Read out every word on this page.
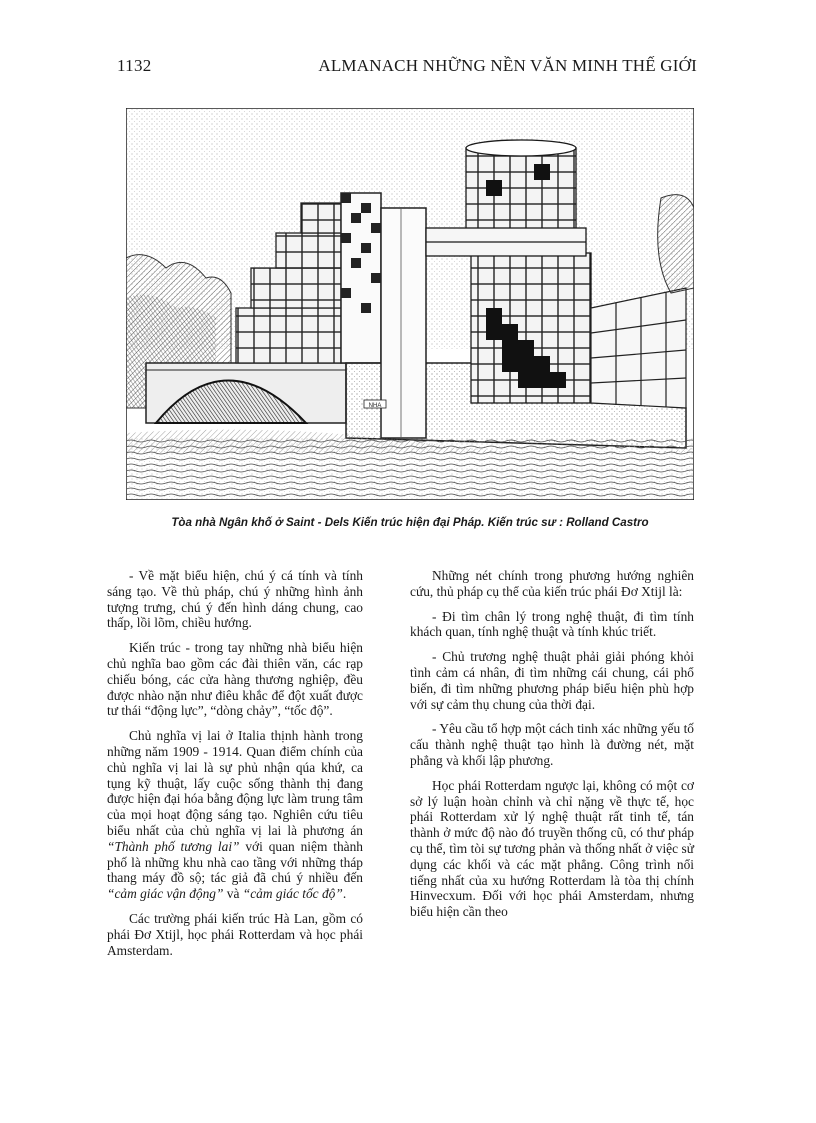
1132	ALMANACH NHỮNG NỀN VĂN MINH THẾ GIỚI
NHA
Tòa nhà Ngân khố ở Saint - Dels Kiến trúc hiện đại Pháp. Kiến trúc sư : Rolland Castro

- Về mặt biểu hiện, chú ý cá tính và tính sáng tạo. Về thủ pháp, chú ý những hình ảnh tượng trưng, chú ý đến hình dáng chung, cao thấp, lồi lõm, chiều hướng.

Kiến trúc - trong tay những nhà biểu hiện chủ nghĩa bao gồm các đài thiên văn, các rạp chiếu bóng, các cửa hàng thương nghiệp, đều được nhào nặn như điêu khắc để đột xuất được tư thái “động lực”, “dòng chảy”, “tốc độ”.

Chủ nghĩa vị lai ở Italia thịnh hành trong những năm 1909 - 1914. Quan điểm chính của chủ nghĩa vị lai là sự phủ nhận qúa khứ, ca tụng kỹ thuật, lấy cuộc sống thành thị đang được hiện đại hóa bằng động lực làm trung tâm của mọi hoạt động sáng tạo. Nghiên cứu tiêu biểu nhất của chủ nghĩa vị lai là phương án “Thành phố tương lai” với quan niệm thành phố là những khu nhà cao tầng với những tháp thang máy đồ sộ; tác giả đã chú ý nhiều đến “cảm giác vận động” và “cảm giác tốc độ”.

Các trường phái kiến trúc Hà Lan, gồm có phái Đơ Xtijl, học phái Rotterdam và học phái Amsterdam.

Những nét chính trong phương hướng nghiên cứu, thủ pháp cụ thể của kiến trúc phái Đơ Xtijl là:

- Đi tìm chân lý trong nghệ thuật, đi tìm tính khách quan, tính nghệ thuật và tính khúc triết.

- Chủ trương nghệ thuật phải giải phóng khỏi tình cảm cá nhân, đi tìm những cái chung, cái phổ biến, đi tìm những phương pháp biểu hiện phù hợp với sự cảm thụ chung của thời đại.

- Yêu cầu tổ hợp một cách tinh xác những yếu tố cấu thành nghệ thuật tạo hình là đường nét, mặt phẳng và khối lập phương.

Học phái Rotterdam ngược lại, không có một cơ sở lý luận hoàn chỉnh và chỉ nặng về thực tế, học phái Rotterdam xử lý nghệ thuật rất tinh tế, tán thành ở mức độ nào đó truyền thống cũ, có thư pháp cụ thể, tìm tòi sự tương phản và thống nhất ở việc sử dụng các khối và các mặt phẳng. Công trình nổi tiếng nhất của xu hướng Rotterdam là tòa thị chính Hinvecxum. Đối với học phái Amsterdam, nhưng biểu hiện cần theo
